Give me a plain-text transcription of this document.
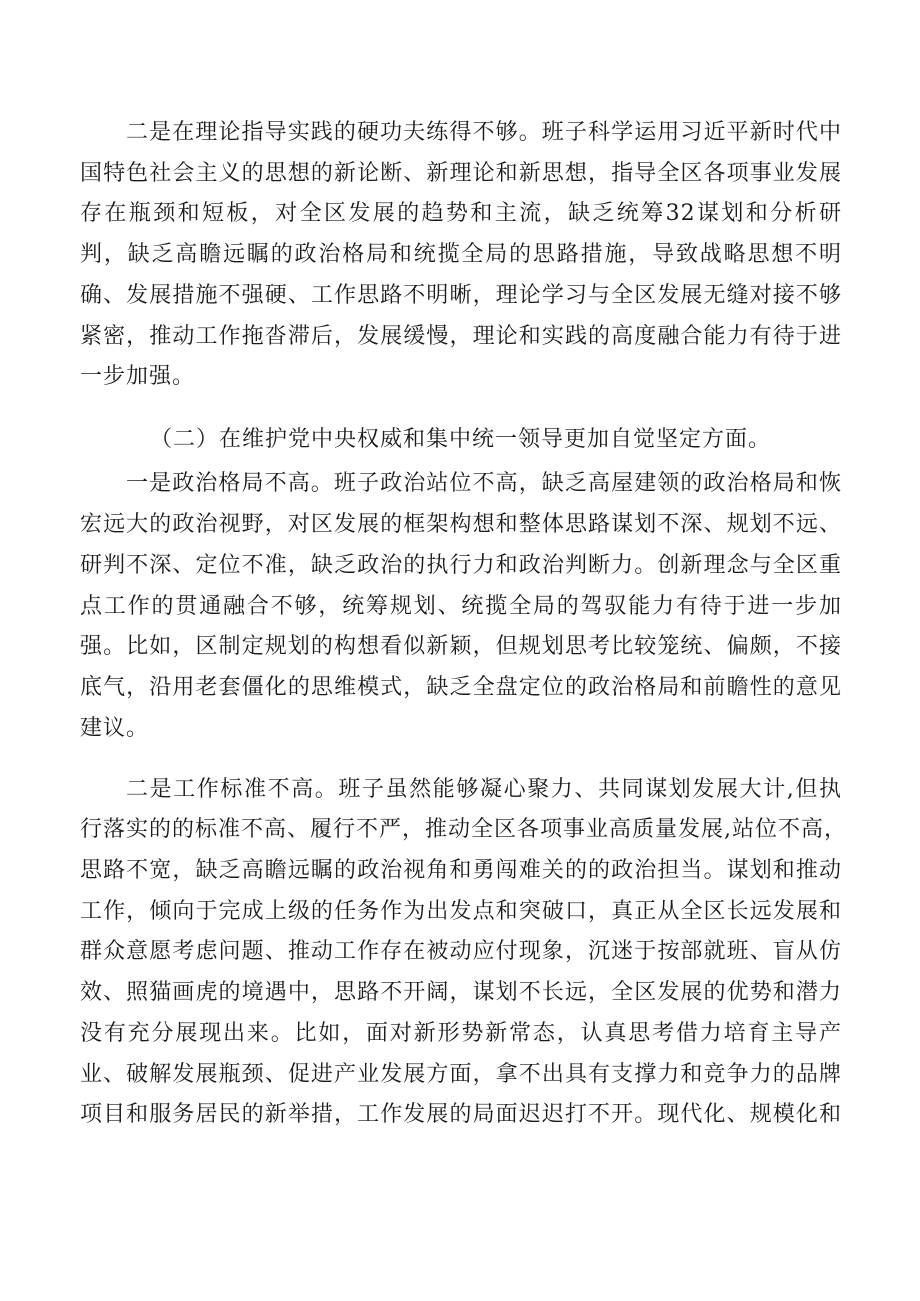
二是在理论指导实践的硬功夫练得不够。班子科学运用习近平新时代中
国特色社会主义的思想的新论断、新理论和新思想，指导全区各项事业发展
存在瓶颈和短板，对全区发展的趋势和主流，缺乏统筹32谋划和分析研
判，缺乏高瞻远瞩的政治格局和统揽全局的思路措施，导致战略思想不明
确、发展措施不强硬、工作思路不明晰，理论学习与全区发展无缝对接不够
紧密，推动工作拖沓滞后，发展缓慢，理论和实践的高度融合能力有待于进
一步加强。
（二）在维护党中央权威和集中统一领导更加自觉坚定方面。
一是政治格局不高。班子政治站位不高，缺乏高屋建领的政治格局和恢
宏远大的政治视野，对区发展的框架构想和整体思路谋划不深、规划不远、
研判不深、定位不准，缺乏政治的执行力和政治判断力。创新理念与全区重
点工作的贯通融合不够，统筹规划、统揽全局的驾驭能力有待于进一步加
强。比如，区制定规划的构想看似新颖，但规划思考比较笼统、偏颇，不接
底气，沿用老套僵化的思维模式，缺乏全盘定位的政治格局和前瞻性的意见
建议。
二是工作标准不高。班子虽然能够凝心聚力、共同谋划发展大计,但执
行落实的的标准不高、履行不严，推动全区各项事业高质量发展,站位不高，
思路不宽，缺乏高瞻远瞩的政治视角和勇闯难关的的政治担当。谋划和推动
工作，倾向于完成上级的任务作为出发点和突破口，真正从全区长远发展和
群众意愿考虑问题、推动工作存在被动应付现象，沉迷于按部就班、盲从仿
效、照猫画虎的境遇中，思路不开阔，谋划不长远，全区发展的优势和潜力
没有充分展现出来。比如，面对新形势新常态，认真思考借力培育主导产
业、破解发展瓶颈、促进产业发展方面，拿不出具有支撑力和竞争力的品牌
项目和服务居民的新举措，工作发展的局面迟迟打不开。现代化、规模化和
